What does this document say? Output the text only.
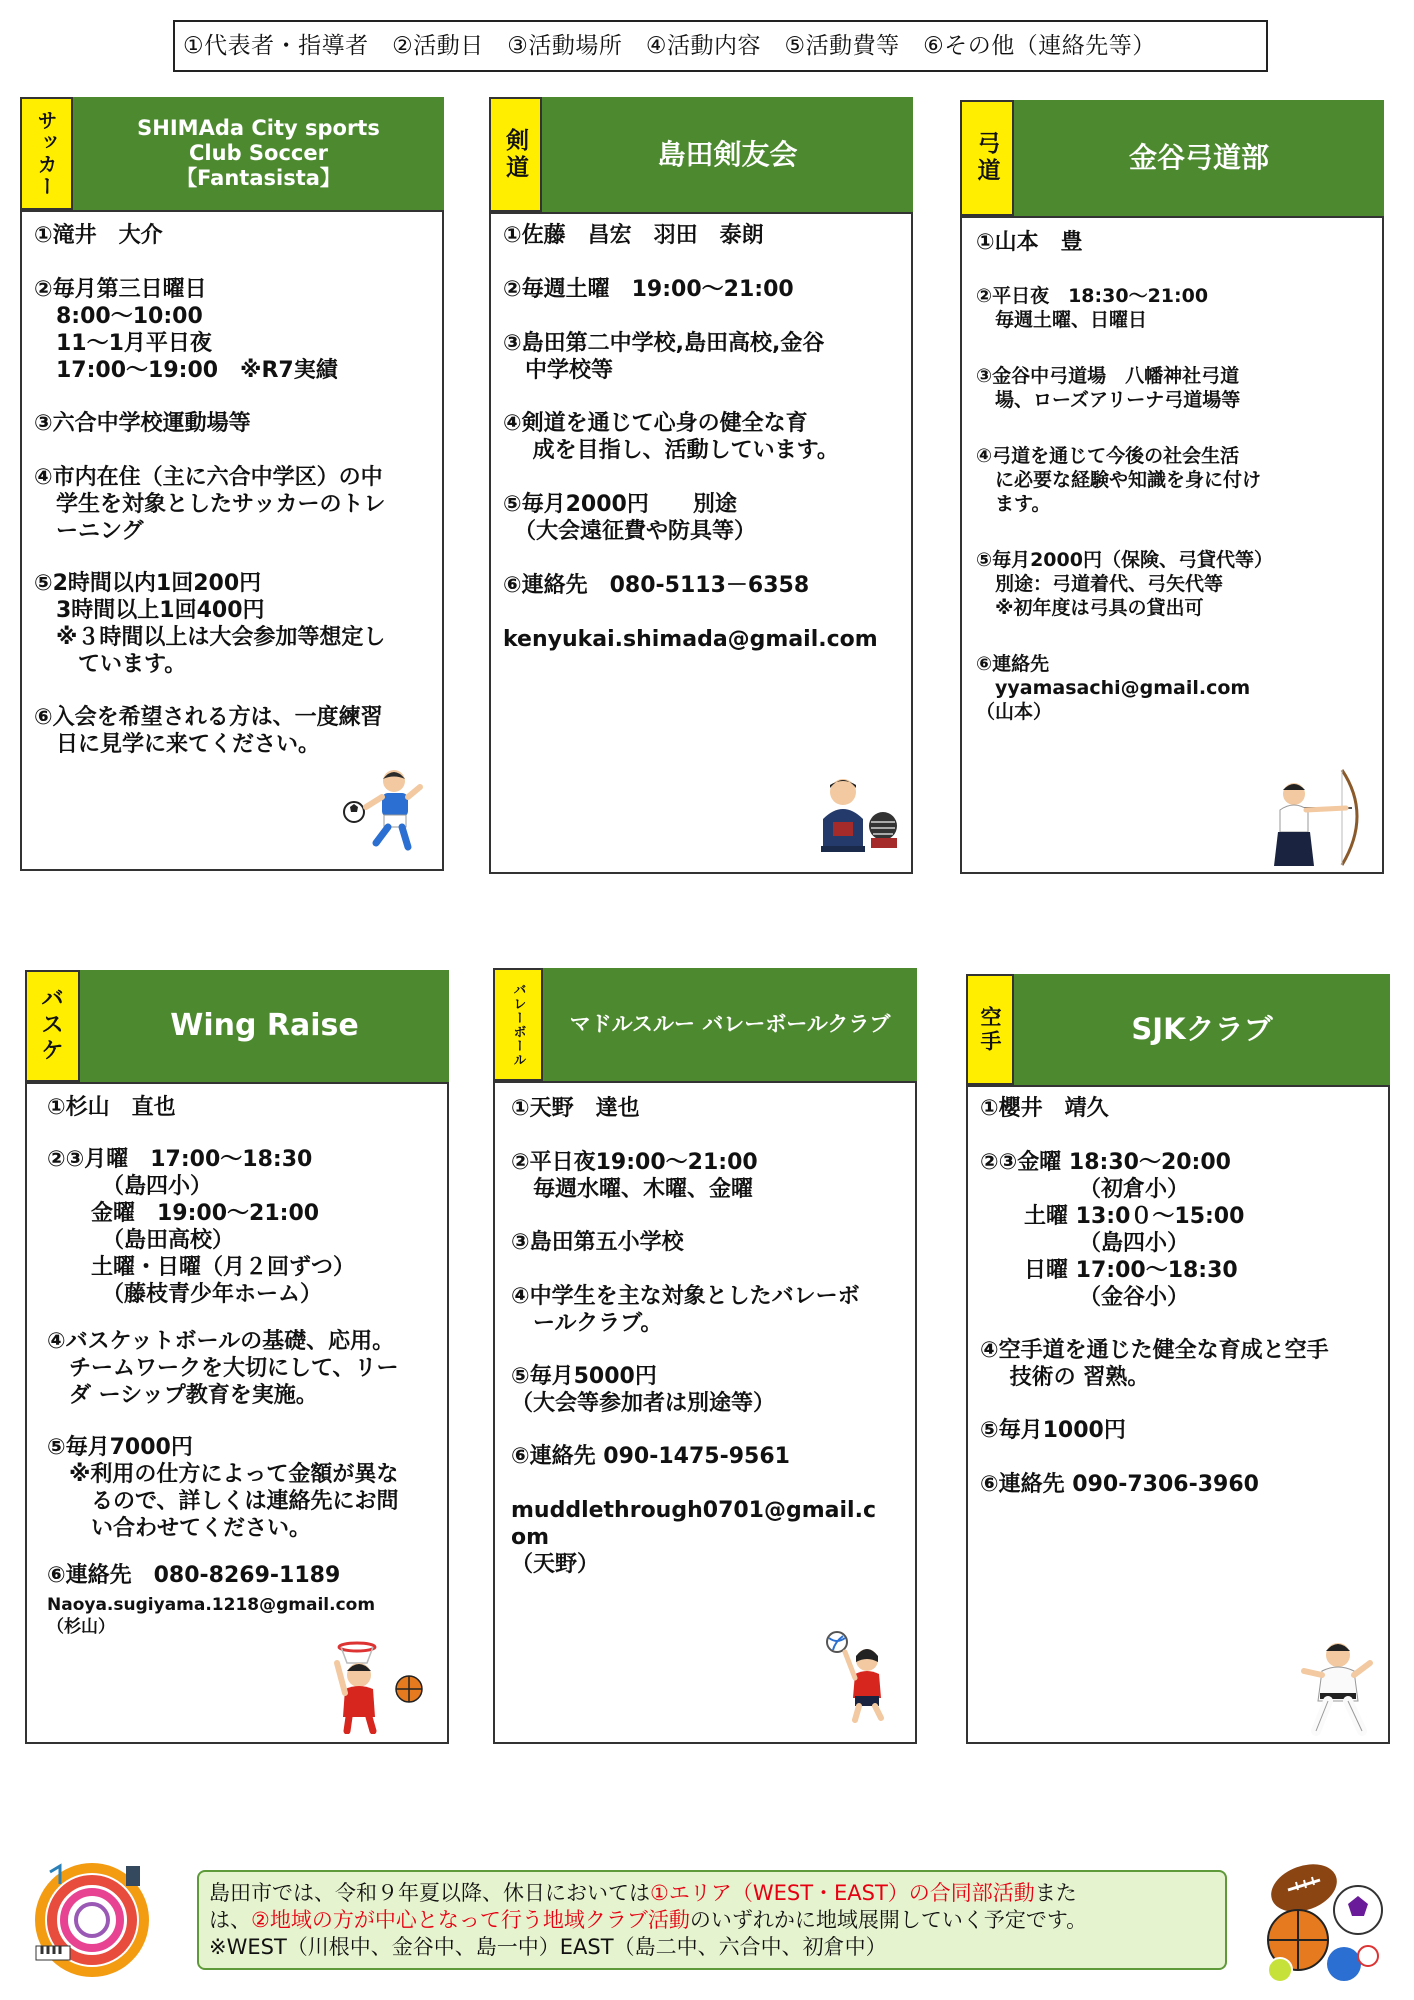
①代表者・指導者　②活動日　③活動場所　④活動内容　⑤活動費等　⑥その他（連絡先等）
サッカー	SHIMAda City sports
Club Soccer
【Fantasista】
①滝井　大介
②毎月第三日曜日
　8:00～10:00
　11～1月平日夜
　17:00～19:00　※R7実績
③六合中学校運動場等
④市内在住（主に六合中学区）の中
　学生を対象としたサッカーのトレ
　ーニング
⑤2時間以内1回200円
　3時間以上1回400円
　※３時間以上は大会参加等想定し
　　ています。
⑥入会を希望される方は、一度練習
　日に見学に来てください。
剣道	島田剣友会
①佐藤　昌宏　羽田　泰朗
②毎週土曜　19:00～21:00
③島田第二中学校,島田高校,金谷
　中学校等
④剣道を通じて心身の健全な育
　 成を目指し、活動しています。
⑤毎月2000円　　別途
　（大会遠征費や防具等）
⑥連絡先　080-5113－6358
kenyukai.shimada@gmail.com
弓道	金谷弓道部
①山本　豊
②平日夜　18:30～21:00
　毎週土曜、日曜日
③金谷中弓道場　八幡神社弓道
　場、ローズアリーナ弓道場等
④弓道を通じて今後の社会生活
　に必要な経験や知識を身に付け
　ます。
⑤毎月2000円（保険、弓貸代等）
　別途：弓道着代、弓矢代等
　※初年度は弓具の貸出可
⑥連絡先
　yyamasachi@gmail.com
（山本）
バスケ
Wing Raise
①杉山　直也
②③月曜　17:00～18:30
　　　（島四小）
　　金曜　19:00～21:00
　　　（島田高校）
　　土曜・日曜（月２回ずつ）
　　　（藤枝青少年ホーム）
④バスケットボールの基礎、応用。
　チームワークを大切にして、リー
　ダ ーシップ教育を実施。
⑤毎月7000円
　※利用の仕方によって金額が異な
　　るので、詳しくは連絡先にお問
　　い合わせてください。
⑥連絡先　080-8269-1189
Naoya.sugiyama.1218@gmail.com
（杉山）
バレーボール	マドルスルー バレーボールクラブ
①天野　達也
②平日夜19:00～21:00
　毎週水曜、木曜、金曜
③島田第五小学校
④中学生を主な対象としたバレーボ
　ールクラブ。
⑤毎月5000円
（大会等参加者は別途等）
⑥連絡先 090-1475-9561
muddlethrough0701@gmail.c
om
（天野）
空手	SJKクラブ
①櫻井　靖久
②③金曜 18:30～20:00
　　　　　（初倉小）
　　土曜 13:0０～15:00
　　　　　（島四小）
　　日曜 17:00～18:30
　　　　　（金谷小）
④空手道を通じた健全な育成と空手
　 技術の 習熟。
⑤毎月1000円
⑥連絡先 090-7306-3960
島田市では、令和９年夏以降、休日においては①エリア（WEST・EAST）の合同部活動また
は、②地域の方が中心となって行う地域クラブ活動のいずれかに地域展開していく予定です。
※WEST（川根中、金谷中、島一中）EAST（島二中、六合中、初倉中）
